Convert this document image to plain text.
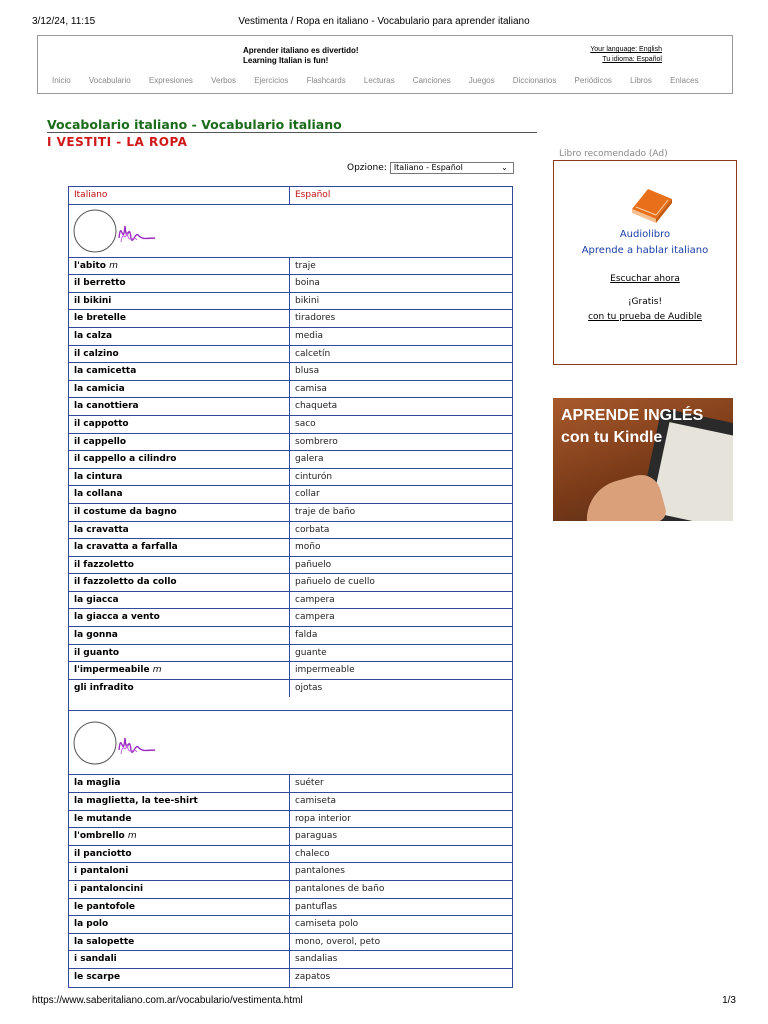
3/12/24, 11:15	Vestimenta / Ropa en italiano - Vocabulario para aprender italiano
Aprender italiano es divertido!
Learning Italian is fun!
Your language: English
Tu idioma: Español
Inicio Vocabulario Expresiones Verbos Ejercicios Flashcards Lecturas Canciones Juegos Diccionarios Periódicos Libros Enlaces
Vocabolario italiano - Vocabulario italiano
I VESTITI - LA ROPA
Opzione: Italiano - Español	⌄
Italiano	Español
l'abito m	traje
il berretto	boina
il bikini	bikini
le bretelle	tiradores
la calza	media
il calzino	calcetín
la camicetta	blusa
la camicia	camisa
la canottiera	chaqueta
il cappotto	saco
il cappello	sombrero
il cappello a cilindro	galera
la cintura	cinturón
la collana	collar
il costume da bagno	traje de baño
la cravatta	corbata
la cravatta a farfalla	moño
il fazzoletto	pañuelo
il fazzoletto da collo	pañuelo de cuello
la giacca	campera
la giacca a vento	campera
la gonna	falda
il guanto	guante
l'impermeabile m	impermeable
gli infradito	ojotas
la maglia	suéter
la maglietta, la tee-shirt	camiseta
le mutande	ropa interior
l'ombrello m	paraguas
il panciotto	chaleco
i pantaloni	pantalones
i pantaloncini	pantalones de baño
le pantofole	pantuflas
la polo	camiseta polo
la salopette	mono, overol, peto
i sandali	sandalias
le scarpe	zapatos
Libro recomendado (Ad)
Audiolibro
Aprende a hablar italiano
Escuchar ahora
¡Gratis!
con tu prueba de Audible
APRENDE INGLÉS
con tu Kindle
https://www.saberitaliano.com.ar/vocabulario/vestimenta.html	1/3
